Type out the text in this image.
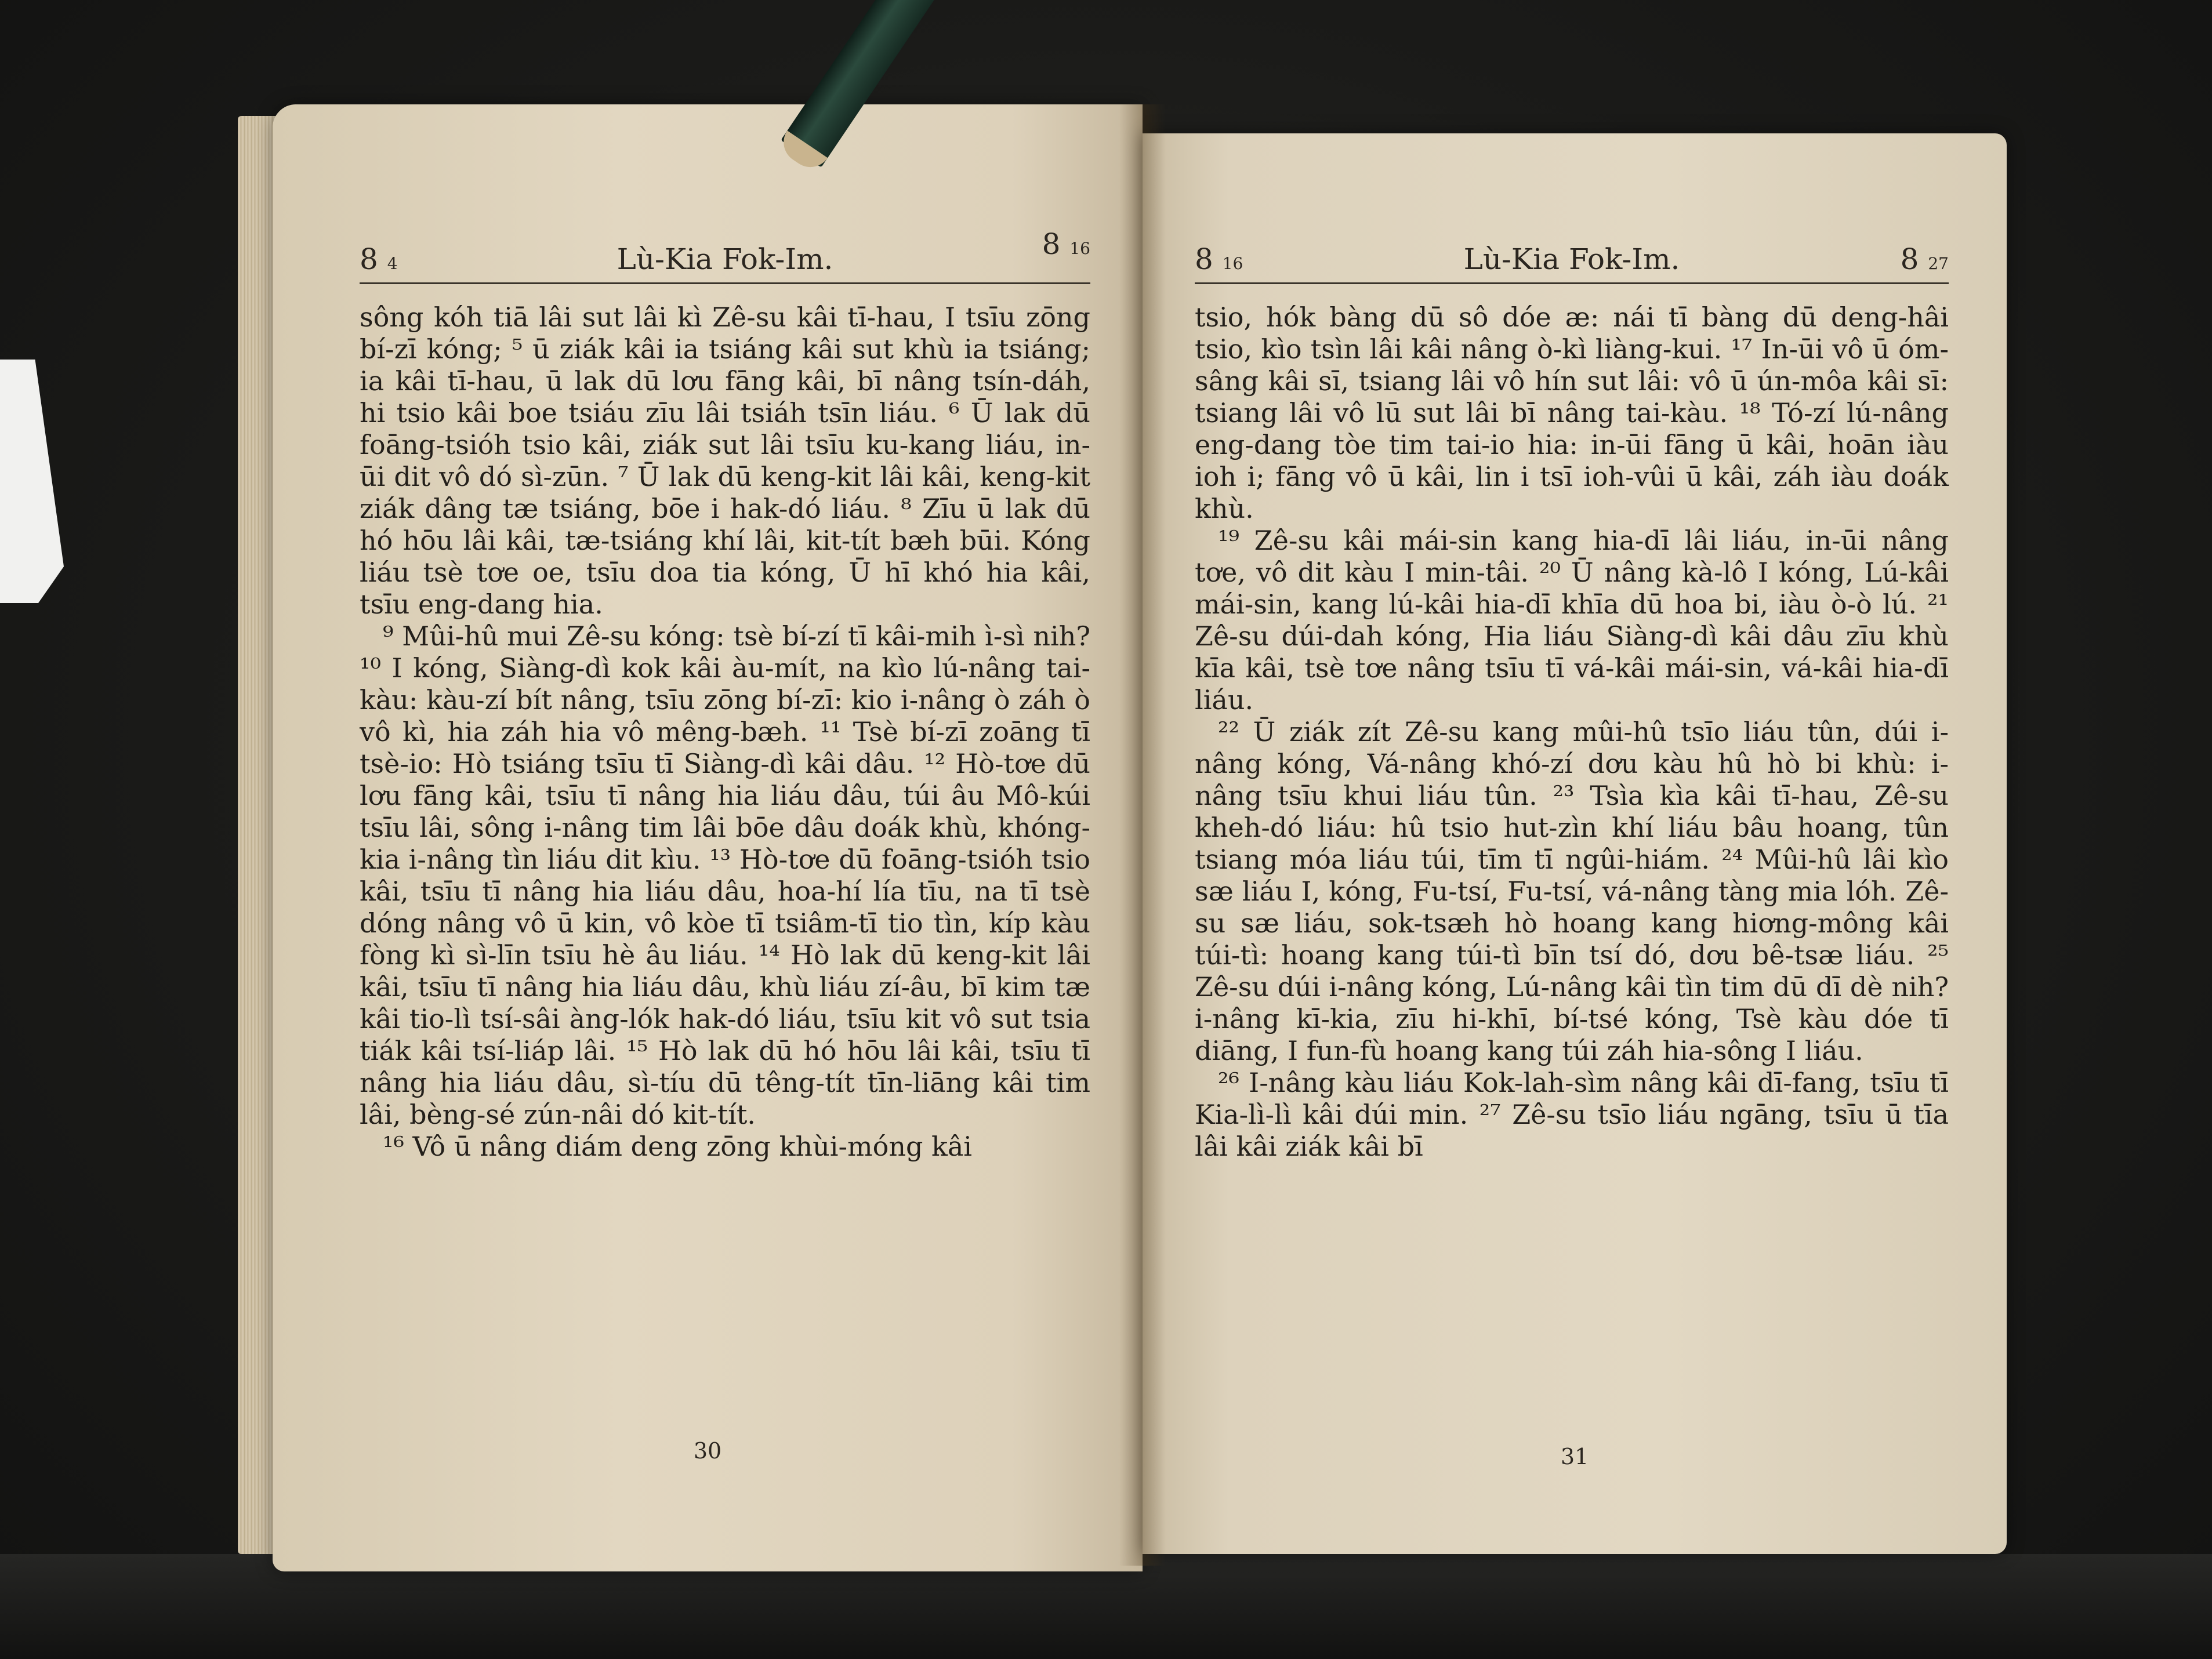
8 4	Lù-Kia Fok-Im.	8 16

sông kóh tiā lâi sut lâi kì Zê-su kâi tī-hau, I tsīu zōng bí-zī kóng; ⁵ ū ziák kâi ia tsiáng kâi sut khù ia tsiáng; ia kâi tī-hau, ū lak dū lơu fāng kâi, bī nâng tsín-dáh, hi tsio kâi boe tsiáu zīu lâi tsiáh tsīn liáu. ⁶ Ū lak dū foāng-tsióh tsio kâi, ziák sut lâi tsīu ku-kang liáu, in-ūi dit vô dó sì-zūn. ⁷ Ū lak dū keng-kit lâi kâi, keng-kit ziák dâng tæ tsiáng, bōe i hak-dó liáu. ⁸ Zīu ū lak dū hó hōu lâi kâi, tæ-tsiáng khí lâi, kit-tít bæh būi. Kóng liáu tsè tơe oe, tsīu doa tia kóng, Ū hī khó hia kâi, tsīu eng-dang hia.

⁹ Mûi-hû mui Zê-su kóng: tsè bí-zí tī kâi-mih ì-sì nih? ¹⁰ I kóng, Siàng-dì kok kâi àu-mít, na kìo lú-nâng tai-kàu: kàu-zí bít nâng, tsīu zōng bí-zī: kio i-nâng ò záh ò vô kì, hia záh hia vô mêng-bæh. ¹¹ Tsè bí-zī zoāng tī tsè-io: Hò tsiáng tsīu tī Siàng-dì kâi dâu. ¹² Hò-tơe dū lơu fāng kâi, tsīu tī nâng hia liáu dâu, túi âu Mô-kúi tsīu lâi, sông i-nâng tim lâi bōe dâu doák khù, khóng-kia i-nâng tìn liáu dit kìu. ¹³ Hò-tơe dū foāng-tsióh tsio kâi, tsīu tī nâng hia liáu dâu, hoa-hí lía tīu, na tī tsè dóng nâng vô ū kin, vô kòe tī tsiâm-tī tio tìn, kíp kàu fòng kì sì-līn tsīu hè âu liáu. ¹⁴ Hò lak dū keng-kit lâi kâi, tsīu tī nâng hia liáu dâu, khù liáu zí-âu, bī kim tæ kâi tio-lì tsí-sâi àng-lók hak-dó liáu, tsīu kit vô sut tsia tiák kâi tsí-liáp lâi. ¹⁵ Hò lak dū hó hōu lâi kâi, tsīu tī nâng hia liáu dâu, sì-tíu dū têng-tít tīn-liāng kâi tim lâi, bèng-sé zún-nâi dó kit-tít.

¹⁶ Vô ū nâng diám deng zōng khùi-móng kâi

30
8 16	Lù-Kia Fok-Im.	8 27

tsio, hók bàng dū sô dóe æ: nái tī bàng dū deng-hâi tsio, kìo tsìn lâi kâi nâng ò-kì liàng-kui. ¹⁷ In-ūi vô ū óm-sâng kâi sī, tsiang lâi vô hín sut lâi: vô ū ún-môa kâi sī: tsiang lâi vô lū sut lâi bī nâng tai-kàu. ¹⁸ Tó-zí lú-nâng eng-dang tòe tim tai-io hia: in-ūi fāng ū kâi, hoān iàu ioh i; fāng vô ū kâi, lin i tsī ioh-vûi ū kâi, záh iàu doák khù.

¹⁹ Zê-su kâi mái-sin kang hia-dī lâi liáu, in-ūi nâng tơe, vô dit kàu I min-tâi. ²⁰ Ū nâng kà-lô I kóng, Lú-kâi mái-sin, kang lú-kâi hia-dī khīa dū hoa bi, iàu ò-ò lú. ²¹ Zê-su dúi-dah kóng, Hia liáu Siàng-dì kâi dâu zīu khù kīa kâi, tsè tơe nâng tsīu tī vá-kâi mái-sin, vá-kâi hia-dī liáu.

²² Ū ziák zít Zê-su kang mûi-hû tsīo liáu tûn, dúi i-nâng kóng, Vá-nâng khó-zí dơu kàu hû hò bi khù: i-nâng tsīu khui liáu tûn. ²³ Tsìa kìa kâi tī-hau, Zê-su kheh-dó liáu: hû tsio hut-zìn khí liáu bâu hoang, tûn tsiang móa liáu túi, tīm tī ngûi-hiám. ²⁴ Mûi-hû lâi kìo sæ liáu I, kóng, Fu-tsí, Fu-tsí, vá-nâng tàng mia lóh. Zê-su sæ liáu, sok-tsæh hò hoang kang hiơng-mông kâi túi-tì: hoang kang túi-tì bīn tsí dó, dơu bê-tsæ liáu. ²⁵ Zê-su dúi i-nâng kóng, Lú-nâng kâi tìn tim dū dī dè nih? i-nâng kī-kia, zīu hi-khī, bí-tsé kóng, Tsè kàu dóe tī diāng, I fun-fù hoang kang túi záh hia-sông I liáu.

²⁶ I-nâng kàu liáu Kok-lah-sìm nâng kâi dī-fang, tsīu tī Kia-lì-lì kâi dúi min. ²⁷ Zê-su tsīo liáu ngāng, tsīu ū tīa lâi kâi ziák kâi bī

31
